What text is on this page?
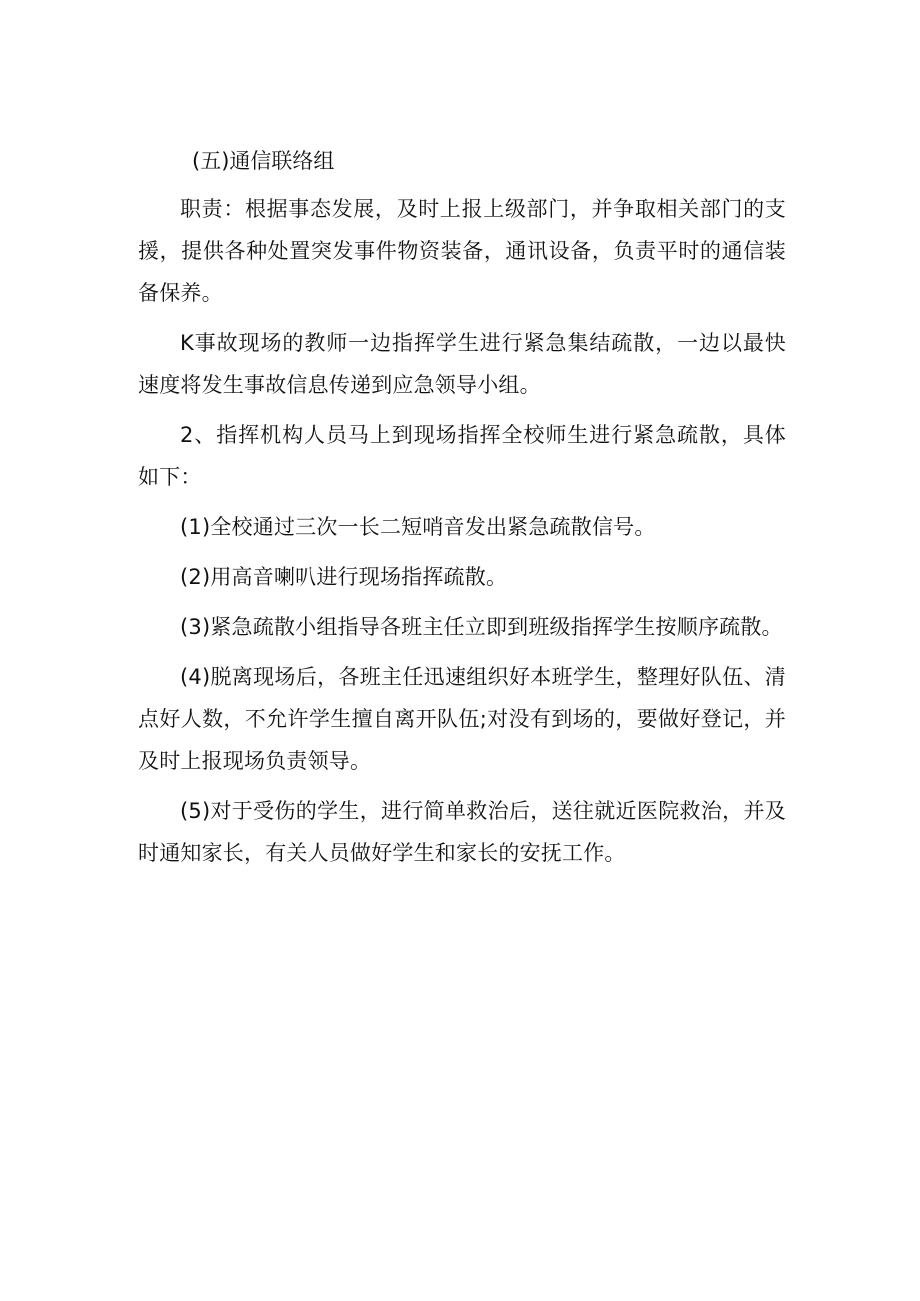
(五)通信联络组

职责：根据事态发展，及时上报上级部门，并争取相关部门的支援，提供各种处置突发事件物资装备，通讯设备，负责平时的通信装备保养。

K事故现场的教师一边指挥学生进行紧急集结疏散，一边以最快速度将发生事故信息传递到应急领导小组。

2、指挥机构人员马上到现场指挥全校师生进行紧急疏散，具体如下：

(1)全校通过三次一长二短哨音发出紧急疏散信号。

(2)用高音喇叭进行现场指挥疏散。

(3)紧急疏散小组指导各班主任立即到班级指挥学生按顺序疏散。

(4)脱离现场后，各班主任迅速组织好本班学生，整理好队伍、清点好人数，不允许学生擅自离开队伍;对没有到场的，要做好登记，并及时上报现场负责领导。

(5)对于受伤的学生，进行简单救治后，送往就近医院救治，并及时通知家长，有关人员做好学生和家长的安抚工作。
